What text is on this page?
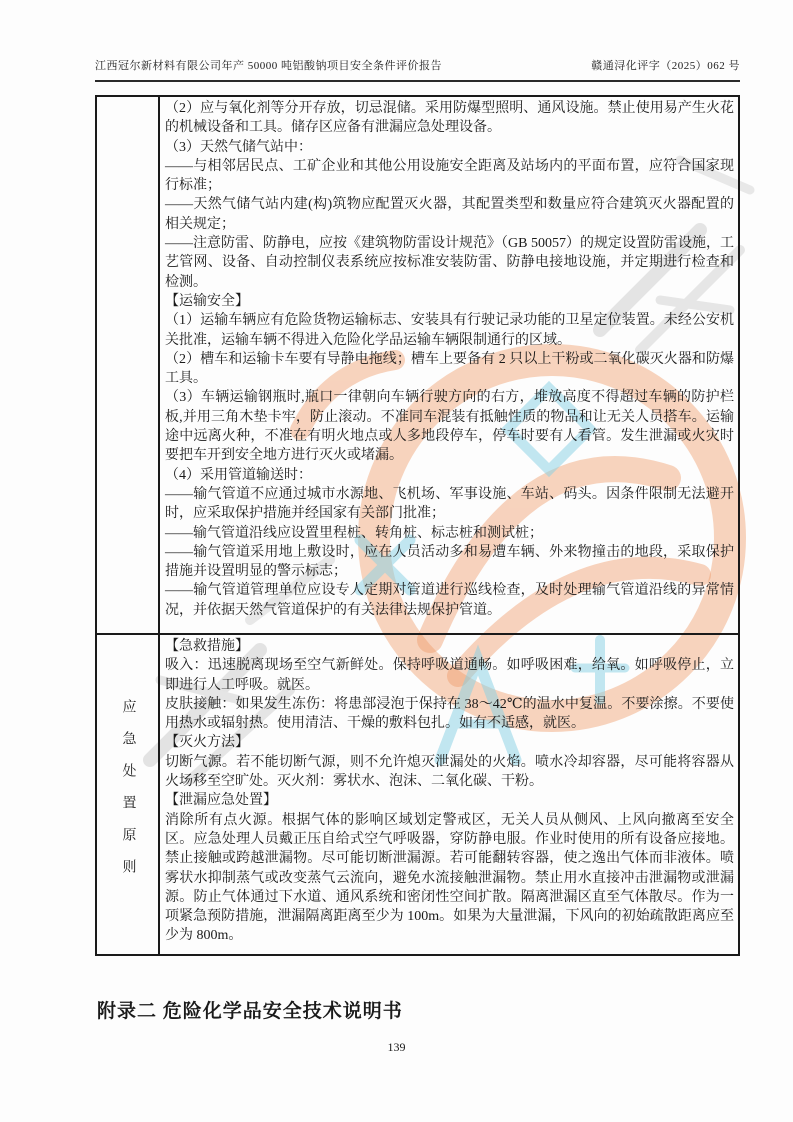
江西冠尔新材料有限公司年产 50000 吨铝酸钠项目安全条件评价报告	赣通浔化评字（2025）062 号

（2）应与氧化剂等分开存放，切忌混储。采用防爆型照明、通风设施。禁止使用易产生火花的机械设备和工具。储存区应备有泄漏应急处理设备。

（3）天然气储气站中：

——与相邻居民点、工矿企业和其他公用设施安全距离及站场内的平面布置，应符合国家现行标准；

——天然气储气站内建(构)筑物应配置灭火器，其配置类型和数量应符合建筑灭火器配置的相关规定；

——注意防雷、防静电，应按《建筑物防雷设计规范》（GB 50057）的规定设置防雷设施，工艺管网、设备、自动控制仪表系统应按标准安装防雷、防静电接地设施，并定期进行检查和检测。

【运输安全】

（1）运输车辆应有危险货物运输标志、安装具有行驶记录功能的卫星定位装置。未经公安机关批准，运输车辆不得进入危险化学品运输车辆限制通行的区域。

（2）槽车和运输卡车要有导静电拖线；槽车上要备有 2 只以上干粉或二氧化碳灭火器和防爆工具。

（3）车辆运输钢瓶时,瓶口一律朝向车辆行驶方向的右方，堆放高度不得超过车辆的防护栏板,并用三角木垫卡牢，防止滚动。不准同车混装有抵触性质的物品和让无关人员搭车。运输途中远离火种，不准在有明火地点或人多地段停车，停车时要有人看管。发生泄漏或火灾时要把车开到安全地方进行灭火或堵漏。

（4）采用管道输送时：

——输气管道不应通过城市水源地、飞机场、军事设施、车站、码头。因条件限制无法避开时，应采取保护措施并经国家有关部门批准；

——输气管道沿线应设置里程桩、转角桩、标志桩和测试桩；

——输气管道采用地上敷设时，应在人员活动多和易遭车辆、外来物撞击的地段，采取保护措施并设置明显的警示标志；

——输气管道管理单位应设专人定期对管道进行巡线检查，及时处理输气管道沿线的异常情况，并依据天然气管道保护的有关法律法规保护管道。

应急处置原则

【急救措施】

吸入：迅速脱离现场至空气新鲜处。保持呼吸道通畅。如呼吸困难，给氧。如呼吸停止，立即进行人工呼吸。就医。

皮肤接触：如果发生冻伤：将患部浸泡于保持在 38～42℃的温水中复温。不要涂擦。不要使用热水或辐射热。使用清洁、干燥的敷料包扎。如有不适感，就医。

【灭火方法】

切断气源。若不能切断气源，则不允许熄灭泄漏处的火焰。喷水冷却容器，尽可能将容器从火场移至空旷处。灭火剂：雾状水、泡沫、二氧化碳、干粉。

【泄漏应急处置】

消除所有点火源。根据气体的影响区域划定警戒区，无关人员从侧风、上风向撤离至安全区。应急处理人员戴正压自给式空气呼吸器，穿防静电服。作业时使用的所有设备应接地。禁止接触或跨越泄漏物。尽可能切断泄漏源。若可能翻转容器，使之逸出气体而非液体。喷雾状水抑制蒸气或改变蒸气云流向，避免水流接触泄漏物。禁止用水直接冲击泄漏物或泄漏源。防止气体通过下水道、通风系统和密闭性空间扩散。隔离泄漏区直至气体散尽。作为一项紧急预防措施，泄漏隔离距离至少为 100m。如果为大量泄漏，下风向的初始疏散距离应至少为 800m。

附录二 危险化学品安全技术说明书
139
